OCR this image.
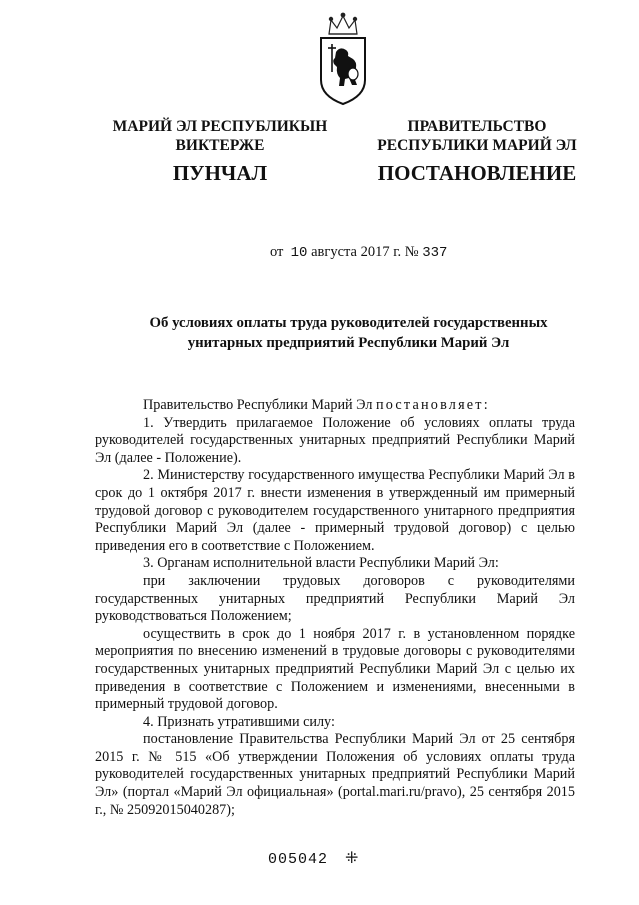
МАРИЙ ЭЛ РЕСПУБЛИКЫН
ВИКТЕРЖЕ
ПРАВИТЕЛЬСТВО
РЕСПУБЛИКИ МАРИЙ ЭЛ
ПУНЧАЛ	ПОСТАНОВЛЕНИЕ
от 10 августа 2017 г. № 337
Об условиях оплаты труда руководителей государственных
унитарных предприятий Республики Марий Эл

Правительство Республики Марий Эл постановляет:

1. Утвердить прилагаемое Положение об условиях оплаты труда руководителей государственных унитарных предприятий Республики Марий Эл (далее - Положение).

2. Министерству государственного имущества Республики Марий Эл в срок до 1 октября 2017 г. внести изменения в утвержденный им примерный трудовой договор с руководителем государственного унитарного предприятия Республики Марий Эл (далее - примерный трудовой договор) с целью приведения его в соответствие с Положением.

3. Органам исполнительной власти Республики Марий Эл:

при заключении трудовых договоров с руководителями государственных унитарных предприятий Республики Марий Эл руководствоваться Положением;

осуществить в срок до 1 ноября 2017 г. в установленном порядке мероприятия по внесению изменений в трудовые договоры с руководителями государственных унитарных предприятий Республики Марий Эл с целью их приведения в соответствие с Положением и изменениями, внесенными в примерный трудовой договор.

4. Признать утратившими силу:

постановление Правительства Республики Марий Эл от 25 сентября 2015 г. № 515 «Об утверждении Положения об условиях оплаты труда руководителей государственных унитарных предприятий Республики Марий Эл» (портал «Марий Эл официальная» (portal.mari.ru/pravo), 25 сентября 2015 г., № 25092015040287);

005042 ⁜
